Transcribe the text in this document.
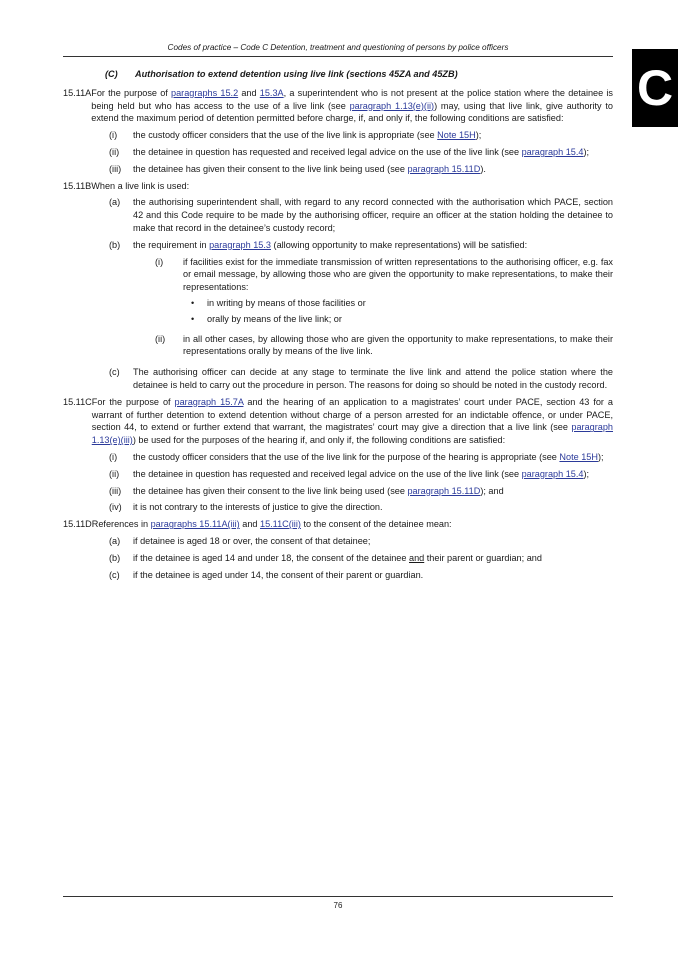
Codes of practice – Code C Detention, treatment and questioning of persons by police officers
C

(C) Authorisation to extend detention using live link (sections 45ZA and 45ZB)

15.11A For the purpose of paragraphs 15.2 and 15.3A, a superintendent who is not present at the police station where the detainee is being held but who has access to the use of a live link (see paragraph 1.13(e)(ii)) may, using that live link, give authority to extend the maximum period of detention permitted before charge, if, and only if, the following conditions are satisfied:

(i)	the custody officer considers that the use of the live link is appropriate (see Note 15H);

(ii)	the detainee in question has requested and received legal advice on the use of the live link (see paragraph 15.4);

(iii)	the detainee has given their consent to the live link being used (see paragraph 15.11D).

15.11B When a live link is used:

(a)	the authorising superintendent shall, with regard to any record connected with the authorisation which PACE, section 42 and this Code require to be made by the authorising officer, require an officer at the station holding the detainee to make that record in the detainee’s custody record;

(b)	the requirement in paragraph 15.3 (allowing opportunity to make representations) will be satisfied:

(i)	if facilities exist for the immediate transmission of written representations to the authorising officer, e.g. fax or email message, by allowing those who are given the opportunity to make representations, to make their representations:

•	in writing by means of those facilities or
•	orally by means of the live link; or
(ii)	in all other cases, by allowing those who are given the opportunity to make representations, to make their representations orally by means of the live link.

(c)	The authorising officer can decide at any stage to terminate the live link and attend the police station where the detainee is held to carry out the procedure in person. The reasons for doing so should be noted in the custody record.

15.11C For the purpose of paragraph 15.7A and the hearing of an application to a magistrates’ court under PACE, section 43 for a warrant of further detention to extend detention without charge of a person arrested for an indictable offence, or under PACE, section 44, to extend or further extend that warrant, the magistrates’ court may give a direction that a live link (see paragraph 1.13(e)(iii)) be used for the purposes of the hearing if, and only if, the following conditions are satisfied:

(i)	the custody officer considers that the use of the live link for the purpose of the hearing is appropriate (see Note 15H);

(ii)	the detainee in question has requested and received legal advice on the use of the live link (see paragraph 15.4);

(iii)	the detainee has given their consent to the live link being used (see paragraph 15.11D); and

(iv)	it is not contrary to the interests of justice to give the direction.

15.11D References in paragraphs 15.11A(iii) and 15.11C(iii) to the consent of the detainee mean:

(a)	if detainee is aged 18 or over, the consent of that detainee;

(b)	if the detainee is aged 14 and under 18, the consent of the detainee and their parent or guardian; and

(c)	if the detainee is aged under 14, the consent of their parent or guardian.

76
